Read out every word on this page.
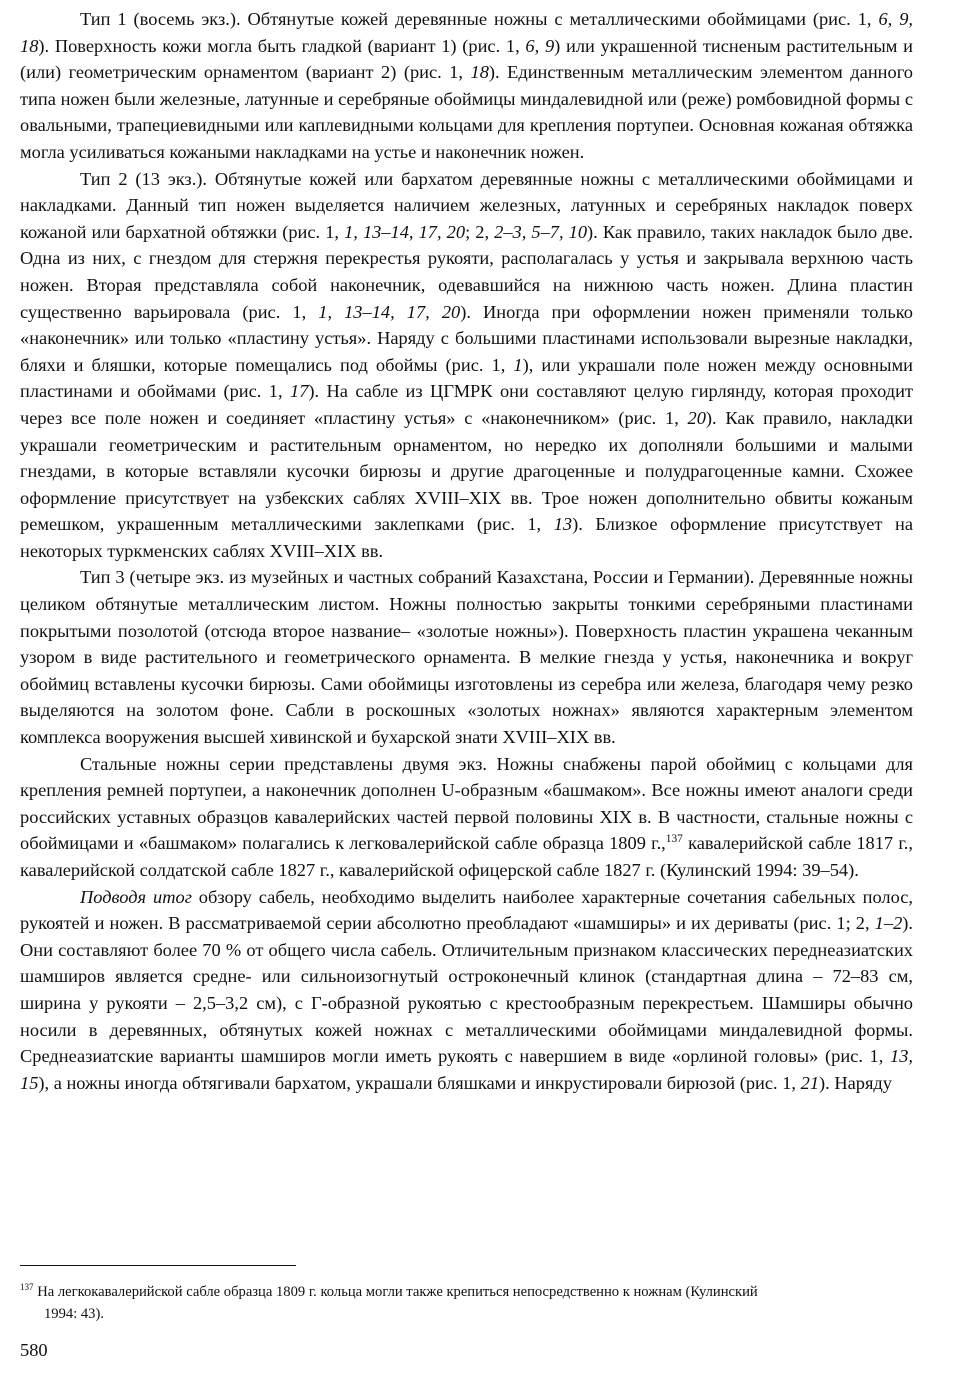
Тип 1 (восемь экз.). Обтянутые кожей деревянные ножны с металлическими обоймицами (рис. 1, 6, 9, 18). Поверхность кожи могла быть гладкой (вариант 1) (рис. 1, 6, 9) или украшенной тисненым растительным и (или) геометрическим орнаментом (вариант 2) (рис. 1, 18). Единственным металлическим элементом данного типа ножен были железные, латунные и серебряные обоймицы миндалевидной или (реже) ромбовидной формы с овальными, трапециевидными или каплевидными кольцами для крепления портупеи. Основная кожаная обтяжка могла усиливаться кожаными накладками на устье и наконечник ножен.

Тип 2 (13 экз.). Обтянутые кожей или бархатом деревянные ножны с металлическими обоймицами и накладками. Данный тип ножен выделяется наличием железных, латунных и серебряных накладок поверх кожаной или бархатной обтяжки (рис. 1, 1, 13–14, 17, 20; 2, 2–3, 5–7, 10). Как правило, таких накладок было две. Одна из них, с гнездом для стержня перекрестья рукояти, располагалась у устья и закрывала верхнюю часть ножен. Вторая представляла собой наконечник, одевавшийся на нижнюю часть ножен. Длина пластин существенно варьировала (рис. 1, 1, 13–14, 17, 20). Иногда при оформлении ножен применяли только «наконечник» или только «пластину устья». Наряду с большими пластинами использовали вырезные накладки, бляхи и бляшки, которые помещались под обоймы (рис. 1, 1), или украшали поле ножен между основными пластинами и обоймами (рис. 1, 17). На сабле из ЦГМРК они составляют целую гирлянду, которая проходит через все поле ножен и соединяет «пластину устья» с «наконечником» (рис. 1, 20). Как правило, накладки украшали геометрическим и растительным орнаментом, но нередко их дополняли большими и малыми гнездами, в которые вставляли кусочки бирюзы и другие драгоценные и полудрагоценные камни. Схожее оформление присутствует на узбекских саблях XVIII–XIX вв. Трое ножен дополнительно обвиты кожаным ремешком, украшенным металлическими заклепками (рис. 1, 13). Близкое оформление присутствует на некоторых туркменских саблях XVIII–XIX вв.

Тип 3 (четыре экз. из музейных и частных собраний Казахстана, России и Германии). Деревянные ножны целиком обтянутые металлическим листом. Ножны полностью закрыты тонкими серебряными пластинами покрытыми позолотой (отсюда второе название– «золотые ножны»). Поверхность пластин украшена чеканным узором в виде растительного и геометрического орнамента. В мелкие гнезда у устья, наконечника и вокруг обоймиц вставлены кусочки бирюзы. Сами обоймицы изготовлены из серебра или железа, благодаря чему резко выделяются на золотом фоне. Сабли в роскошных «золотых ножнах» являются характерным элементом комплекса вооружения высшей хивинской и бухарской знати XVIII–XIX вв.

Стальные ножны серии представлены двумя экз. Ножны снабжены парой обоймиц с кольцами для крепления ремней портупеи, а наконечник дополнен U-образным «башмаком». Все ножны имеют аналоги среди российских уставных образцов кавалерийских частей первой половины XIX в. В частности, стальные ножны с обоймицами и «башмаком» полагались к легковалерийской сабле образца 1809 г.,$^{137}$ кавалерийской сабле 1817 г., кавалерийской солдатской сабле 1827 г., кавалерийской офицерской сабле 1827 г. (Кулинский 1994: 39–54).

Подводя итог обзору сабель, необходимо выделить наиболее характерные сочетания сабельных полос, рукоятей и ножен. В рассматриваемой серии абсолютно преобладают «шамширы» и их дериваты (рис. 1; 2, 1–2). Они составляют более 70 % от общего числа сабель. Отличительным признаком классических переднеазиатских шамширов является средне- или сильноизогнутый остроконечный клинок (стандартная длина – 72–83 см, ширина у рукояти – 2,5–3,2 см), с Г-образной рукоятью с крестообразным перекрестьем. Шамширы обычно носили в деревянных, обтянутых кожей ножнах с металлическими обоймицами миндалевидной формы. Среднеазиатские варианты шамширов могли иметь рукоять с навершием в виде «орлиной головы» (рис. 1, 13, 15), а ножны иногда обтягивали бархатом, украшали бляшками и инкрустировали бирюзой (рис. 1, 21). Наряду

$^{137}$ На легкокавалерийской сабле образца 1809 г. кольца могли также крепиться непосредственно к ножнам (Кулинский
1994: 43).
580
